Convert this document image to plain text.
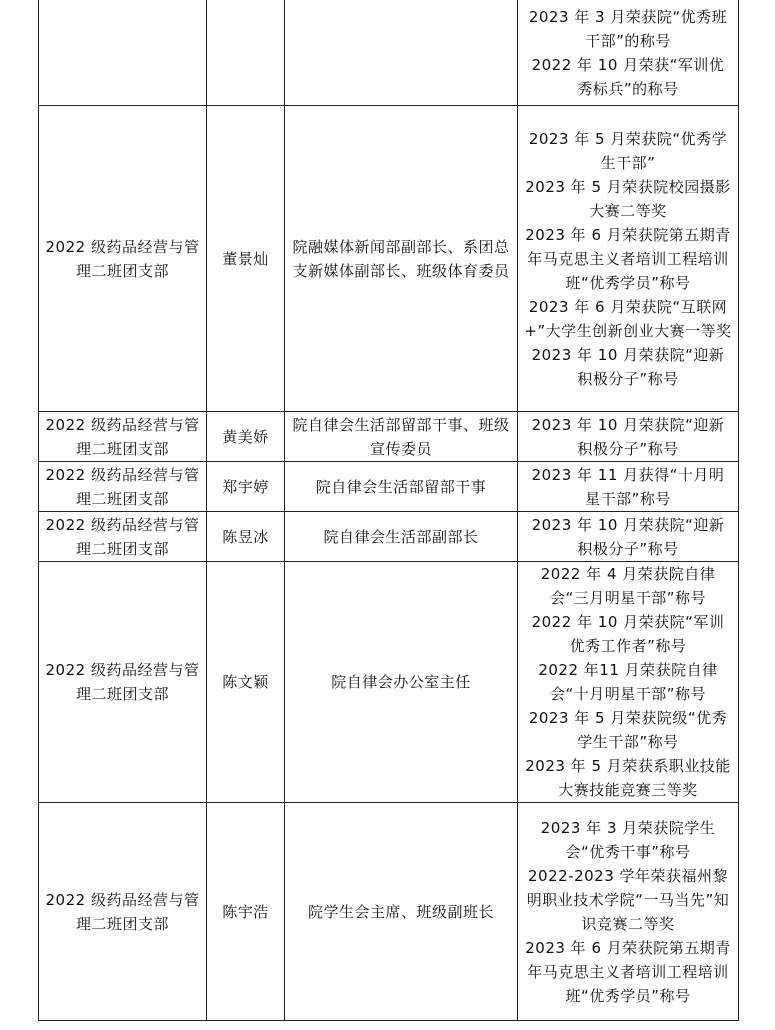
			2023 年 3 月荣获院“优秀班干部”的称号
2022 年 10 月荣获“军训优秀标兵”的称号

2022 级药品经营与管理二班团支部	董景灿	院融媒体新闻部副部长、系团总支新媒体副部长、班级体育委员	2023 年 5 月荣获院“优秀学生干部”
2023 年 5 月荣获院校园摄影大赛二等奖
2023 年 6 月荣获院第五期青年马克思主义者培训工程培训班“优秀学员”称号
2023 年 6 月荣获院“互联网+”大学生创新创业大赛一等奖
2023 年 10 月荣获院“迎新积极分子”称号

2022 级药品经营与管理二班团支部	黄美娇	院自律会生活部留部干事、班级宣传委员	2023 年 10 月荣获院“迎新积极分子”称号

2022 级药品经营与管理二班团支部	郑宇婷	院自律会生活部留部干事	2023 年 11 月获得“十月明星干部”称号

2022 级药品经营与管理二班团支部	陈昱冰	院自律会生活部副部长	2023 年 10 月荣获院“迎新积极分子”称号

2022 级药品经营与管理二班团支部	陈文颖	院自律会办公室主任	2022 年 4 月荣获院自律会“三月明星干部”称号
2022 年 10 月荣获院“军训优秀工作者”称号
2022 年11 月荣获院自律会“十月明星干部”称号
2023 年 5 月荣获院级“优秀学生干部”称号
2023 年 5 月荣获系职业技能大赛技能竞赛三等奖

2022 级药品经营与管理二班团支部	陈宇浩	院学生会主席、班级副班长	2023 年 3 月荣获院学生会“优秀干事”称号
2022-2023 学年荣获福州黎明职业技术学院“一马当先”知识竞赛二等奖
2023 年 6 月荣获院第五期青年马克思主义者培训工程培训班“优秀学员”称号
